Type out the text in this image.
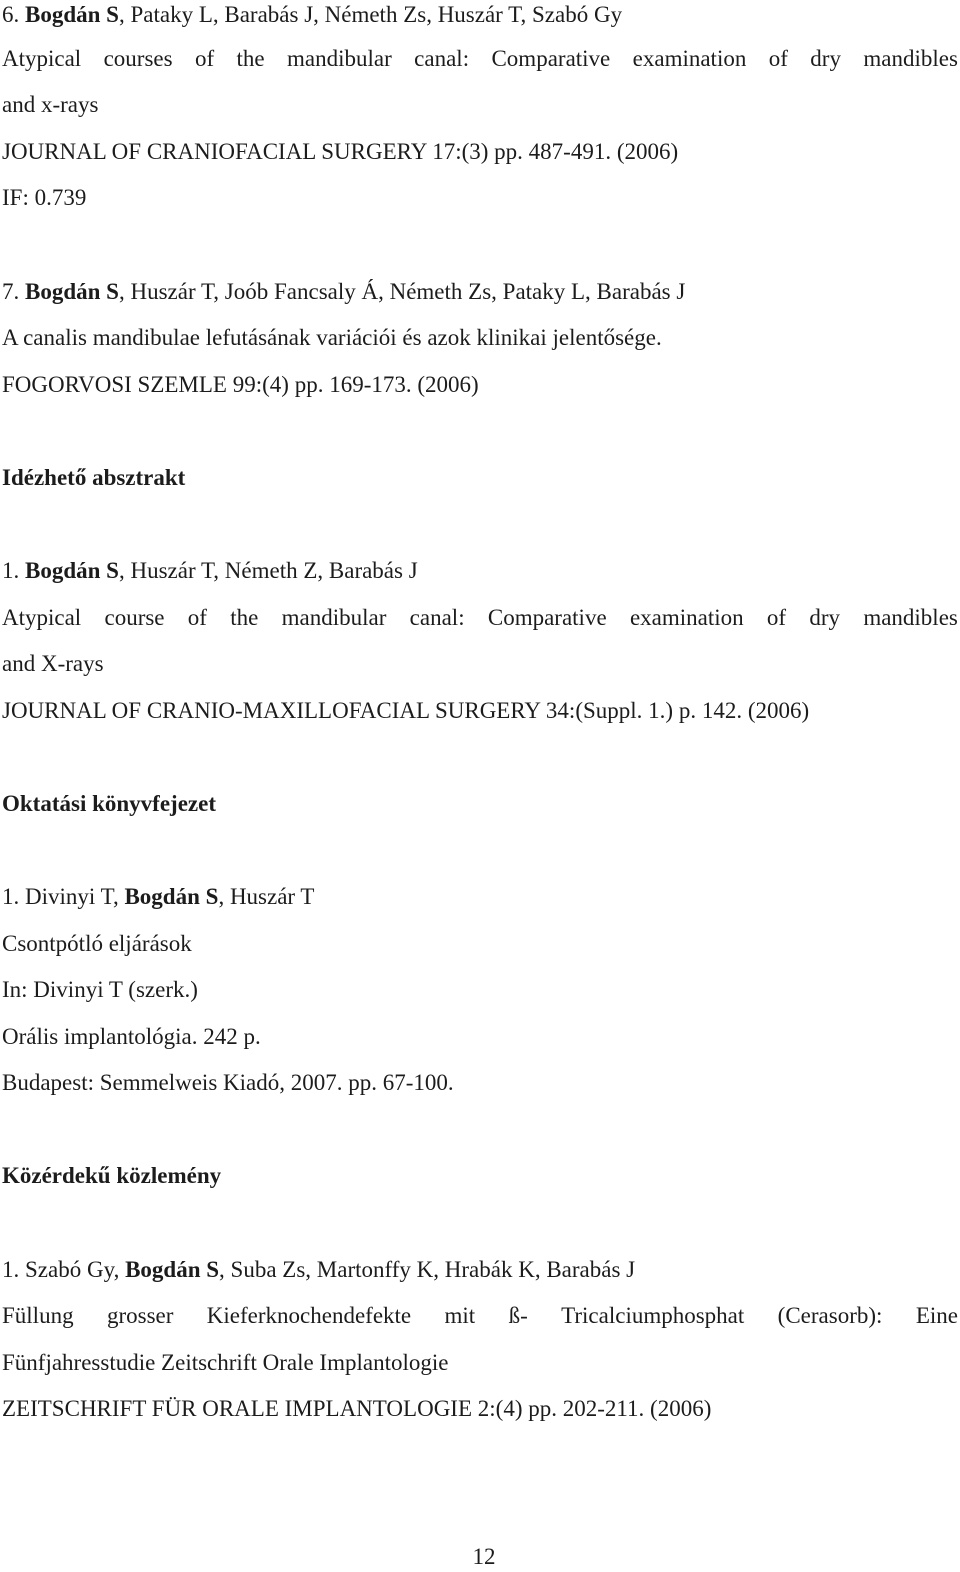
6. Bogdán S, Pataky L, Barabás J, Németh Zs, Huszár T, Szabó Gy
Atypical courses of the mandibular canal: Comparative examination of dry mandibles
and x-rays
JOURNAL OF CRANIOFACIAL SURGERY 17:(3) pp. 487-491. (2006)
IF: 0.739
7. Bogdán S, Huszár T, Joób Fancsaly Á, Németh Zs, Pataky L, Barabás J
A canalis mandibulae lefutásának variációi és azok klinikai jelentősége.
FOGORVOSI SZEMLE 99:(4) pp. 169-173. (2006)
Idézhető absztrakt
1. Bogdán S, Huszár T, Németh Z, Barabás J
Atypical course of the mandibular canal: Comparative examination of dry mandibles
and X-rays
JOURNAL OF CRANIO-MAXILLOFACIAL SURGERY 34:(Suppl. 1.) p. 142. (2006)
Oktatási könyvfejezet
1. Divinyi T, Bogdán S, Huszár T
Csontpótló eljárások
In: Divinyi T (szerk.)
Orális implantológia. 242 p.
Budapest: Semmelweis Kiadó, 2007. pp. 67-100.
Közérdekű közlemény
1. Szabó Gy, Bogdán S, Suba Zs, Martonffy K, Hrabák K, Barabás J
Füllung grosser Kieferknochendefekte mit ß- Tricalciumphosphat (Cerasorb): Eine
Fünfjahresstudie Zeitschrift Orale Implantologie
ZEITSCHRIFT FÜR ORALE IMPLANTOLOGIE 2:(4) pp. 202-211. (2006)
12
